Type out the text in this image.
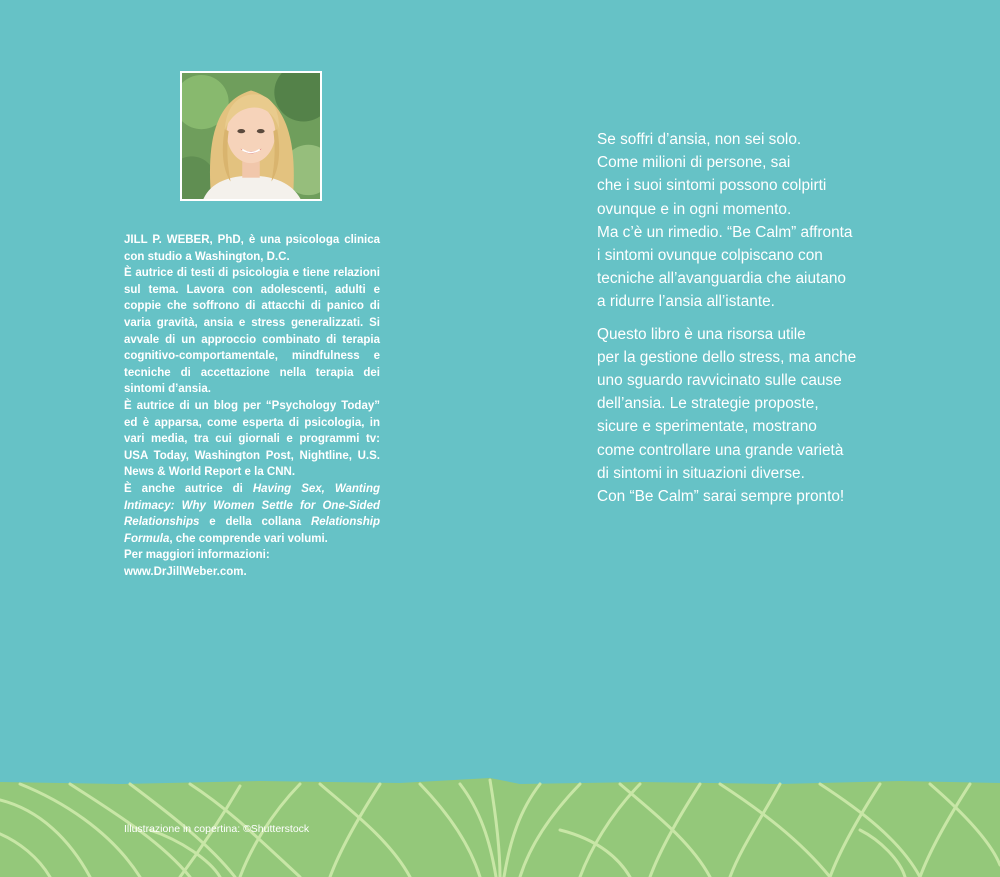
JILL P. WEBER, PhD, è una psicologa clinica con studio a Washington, D.C.

È autrice di testi di psicologia e tiene relazioni sul tema. Lavora con adolescenti, adulti e coppie che soffrono di attacchi di panico di varia gravità, ansia e stress generalizzati. Si avvale di un approccio combinato di terapia cognitivo-comportamentale, mindfulness e tecniche di accettazione nella terapia dei sintomi d’ansia.

È autrice di un blog per “Psychology Today” ed è apparsa, come esperta di psicologia, in vari media, tra cui giornali e programmi tv: USA Today, Washington Post, Nightline, U.S. News & World Report e la CNN.

È anche autrice di Having Sex, Wanting Intimacy: Why Women Settle for One-Sided Relationships e della collana Relationship Formula, che comprende vari volumi.

Per maggiori informazioni:

www.DrJillWeber.com.

Se soffri d’ansia, non sei solo.
Come milioni di persone, sai
che i suoi sintomi possono colpirti
ovunque e in ogni momento.
Ma c’è un rimedio. “Be Calm” affronta
i sintomi ovunque colpiscano con
tecniche all’avanguardia che aiutano
a ridurre l’ansia all’istante.

Questo libro è una risorsa utile
per la gestione dello stress, ma anche
uno sguardo ravvicinato sulle cause
dell’ansia. Le strategie proposte,
sicure e sperimentate, mostrano
come controllare una grande varietà
di sintomi in situazioni diverse.
Con “Be Calm” sarai sempre pronto!

Illustrazione in copertina: ©Shutterstock
